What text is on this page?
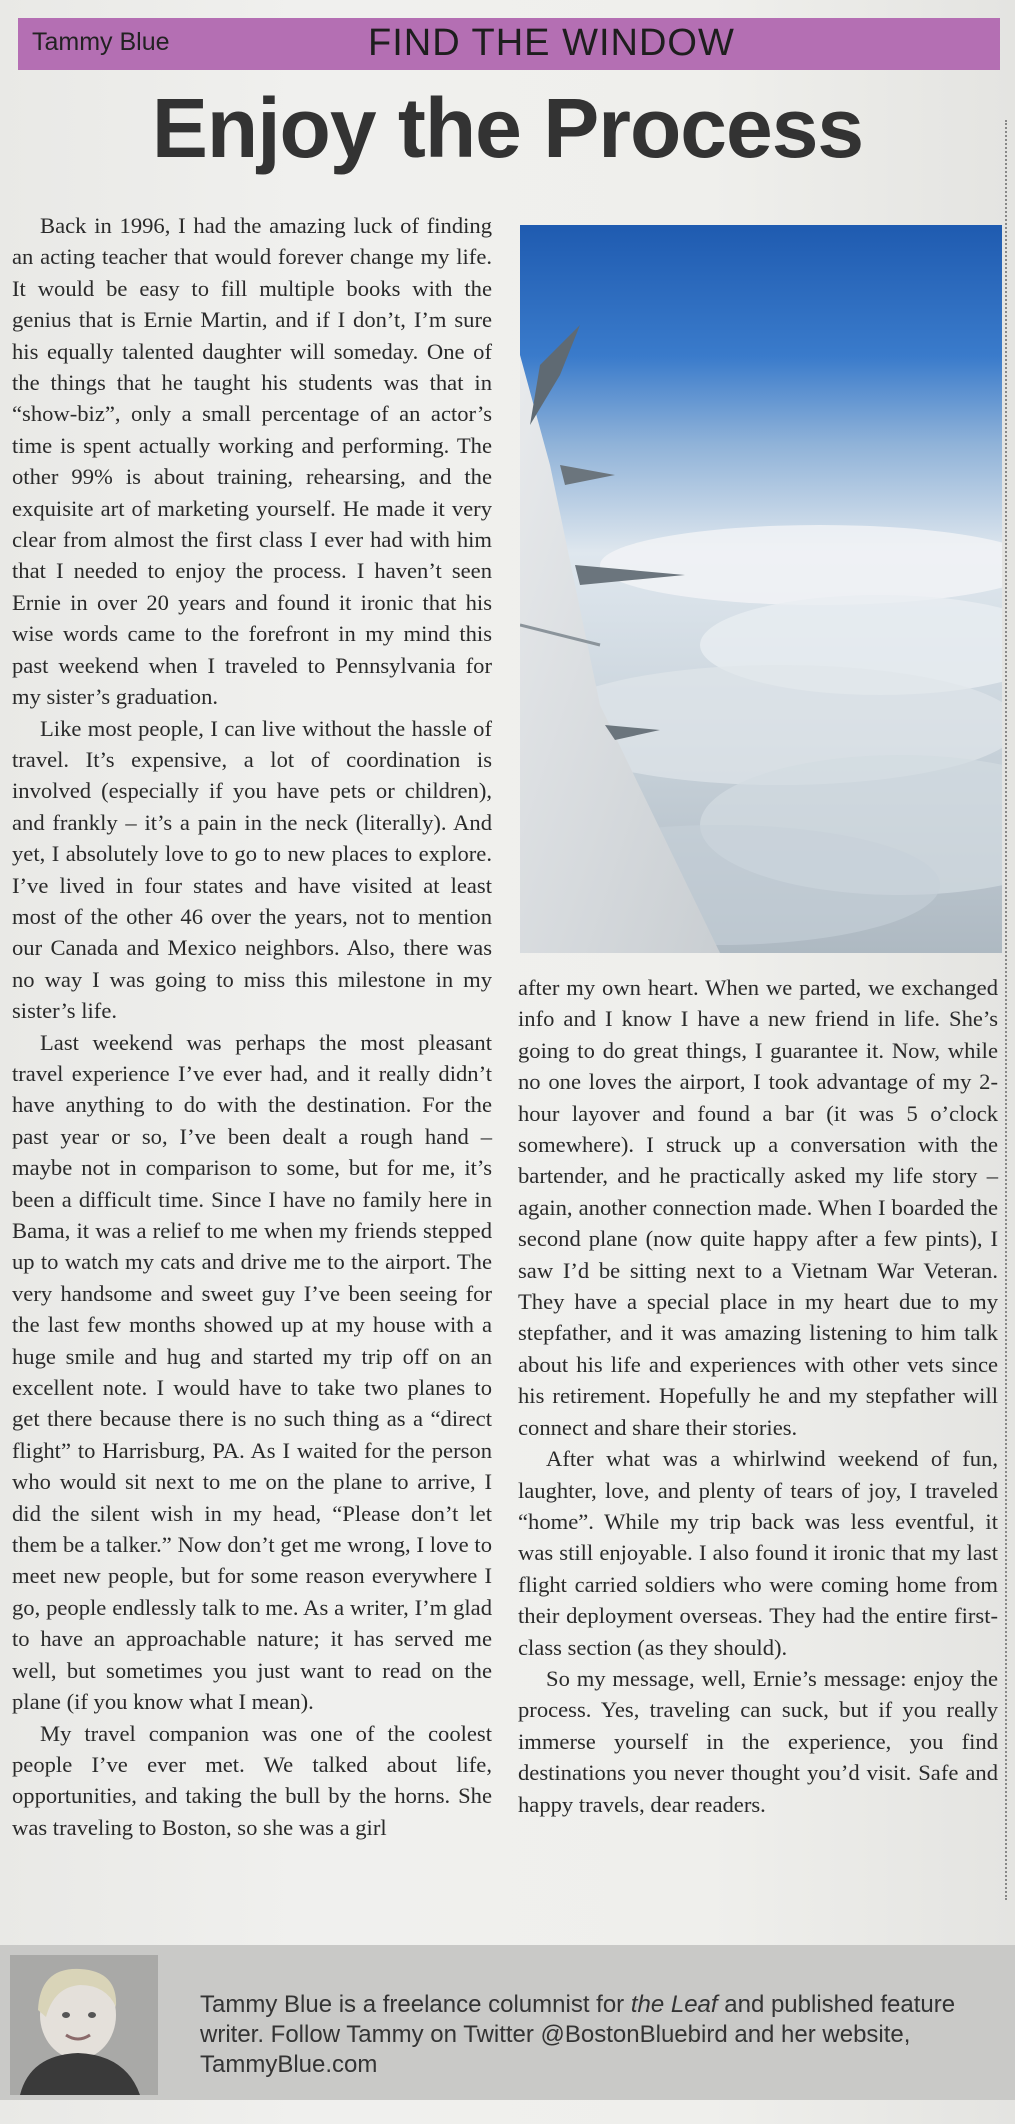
Tammy Blue	FIND THE WINDOW
Enjoy the Process

Back in 1996, I had the amazing luck of finding an acting teacher that would forever change my life. It would be easy to fill multiple books with the genius that is Ernie Martin, and if I don’t, I’m sure his equally talented daughter will someday. One of the things that he taught his students was that in “show-biz”, only a small percentage of an actor’s time is spent actually working and performing. The other 99% is about training, rehearsing, and the exquisite art of marketing yourself. He made it very clear from almost the first class I ever had with him that I needed to enjoy the process. I haven’t seen Ernie in over 20 years and found it ironic that his wise words came to the forefront in my mind this past weekend when I traveled to Pennsylvania for my sister’s graduation.

Like most people, I can live without the hassle of travel. It’s expensive, a lot of coordination is involved (especially if you have pets or children), and frankly – it’s a pain in the neck (literally). And yet, I absolutely love to go to new places to explore. I’ve lived in four states and have visited at least most of the other 46 over the years, not to mention our Canada and Mexico neighbors. Also, there was no way I was going to miss this milestone in my sister’s life.

Last weekend was perhaps the most pleasant travel experience I’ve ever had, and it really didn’t have anything to do with the destination. For the past year or so, I’ve been dealt a rough hand – maybe not in comparison to some, but for me, it’s been a difficult time. Since I have no family here in Bama, it was a relief to me when my friends stepped up to watch my cats and drive me to the airport. The very handsome and sweet guy I’ve been seeing for the last few months showed up at my house with a huge smile and hug and started my trip off on an excellent note. I would have to take two planes to get there because there is no such thing as a “direct flight” to Harrisburg, PA. As I waited for the person who would sit next to me on the plane to arrive, I did the silent wish in my head, “Please don’t let them be a talker.” Now don’t get me wrong, I love to meet new people, but for some reason everywhere I go, people endlessly talk to me. As a writer, I’m glad to have an approachable nature; it has served me well, but sometimes you just want to read on the plane (if you know what I mean).

My travel companion was one of the coolest people I’ve ever met. We talked about life, opportunities, and taking the bull by the horns. She was traveling to Boston, so she was a girl

after my own heart. When we parted, we exchanged info and I know I have a new friend in life. She’s going to do great things, I guarantee it. Now, while no one loves the airport, I took advantage of my 2-hour layover and found a bar (it was 5 o’clock somewhere). I struck up a conversation with the bartender, and he practically asked my life story – again, another connection made. When I boarded the second plane (now quite happy after a few pints), I saw I’d be sitting next to a Vietnam War Veteran. They have a special place in my heart due to my stepfather, and it was amazing listening to him talk about his life and experiences with other vets since his retirement. Hopefully he and my stepfather will connect and share their stories.

After what was a whirlwind weekend of fun, laughter, love, and plenty of tears of joy, I traveled “home”. While my trip back was less eventful, it was still enjoyable. I also found it ironic that my last flight carried soldiers who were coming home from their deployment overseas. They had the entire first-class section (as they should).

So my message, well, Ernie’s message: enjoy the process. Yes, traveling can suck, but if you really immerse yourself in the experience, you find destinations you never thought you’d visit. Safe and happy travels, dear readers.

Tammy Blue is a freelance columnist for the Leaf and published feature writer. Follow Tammy on Twitter @BostonBluebird and her website, TammyBlue.com
